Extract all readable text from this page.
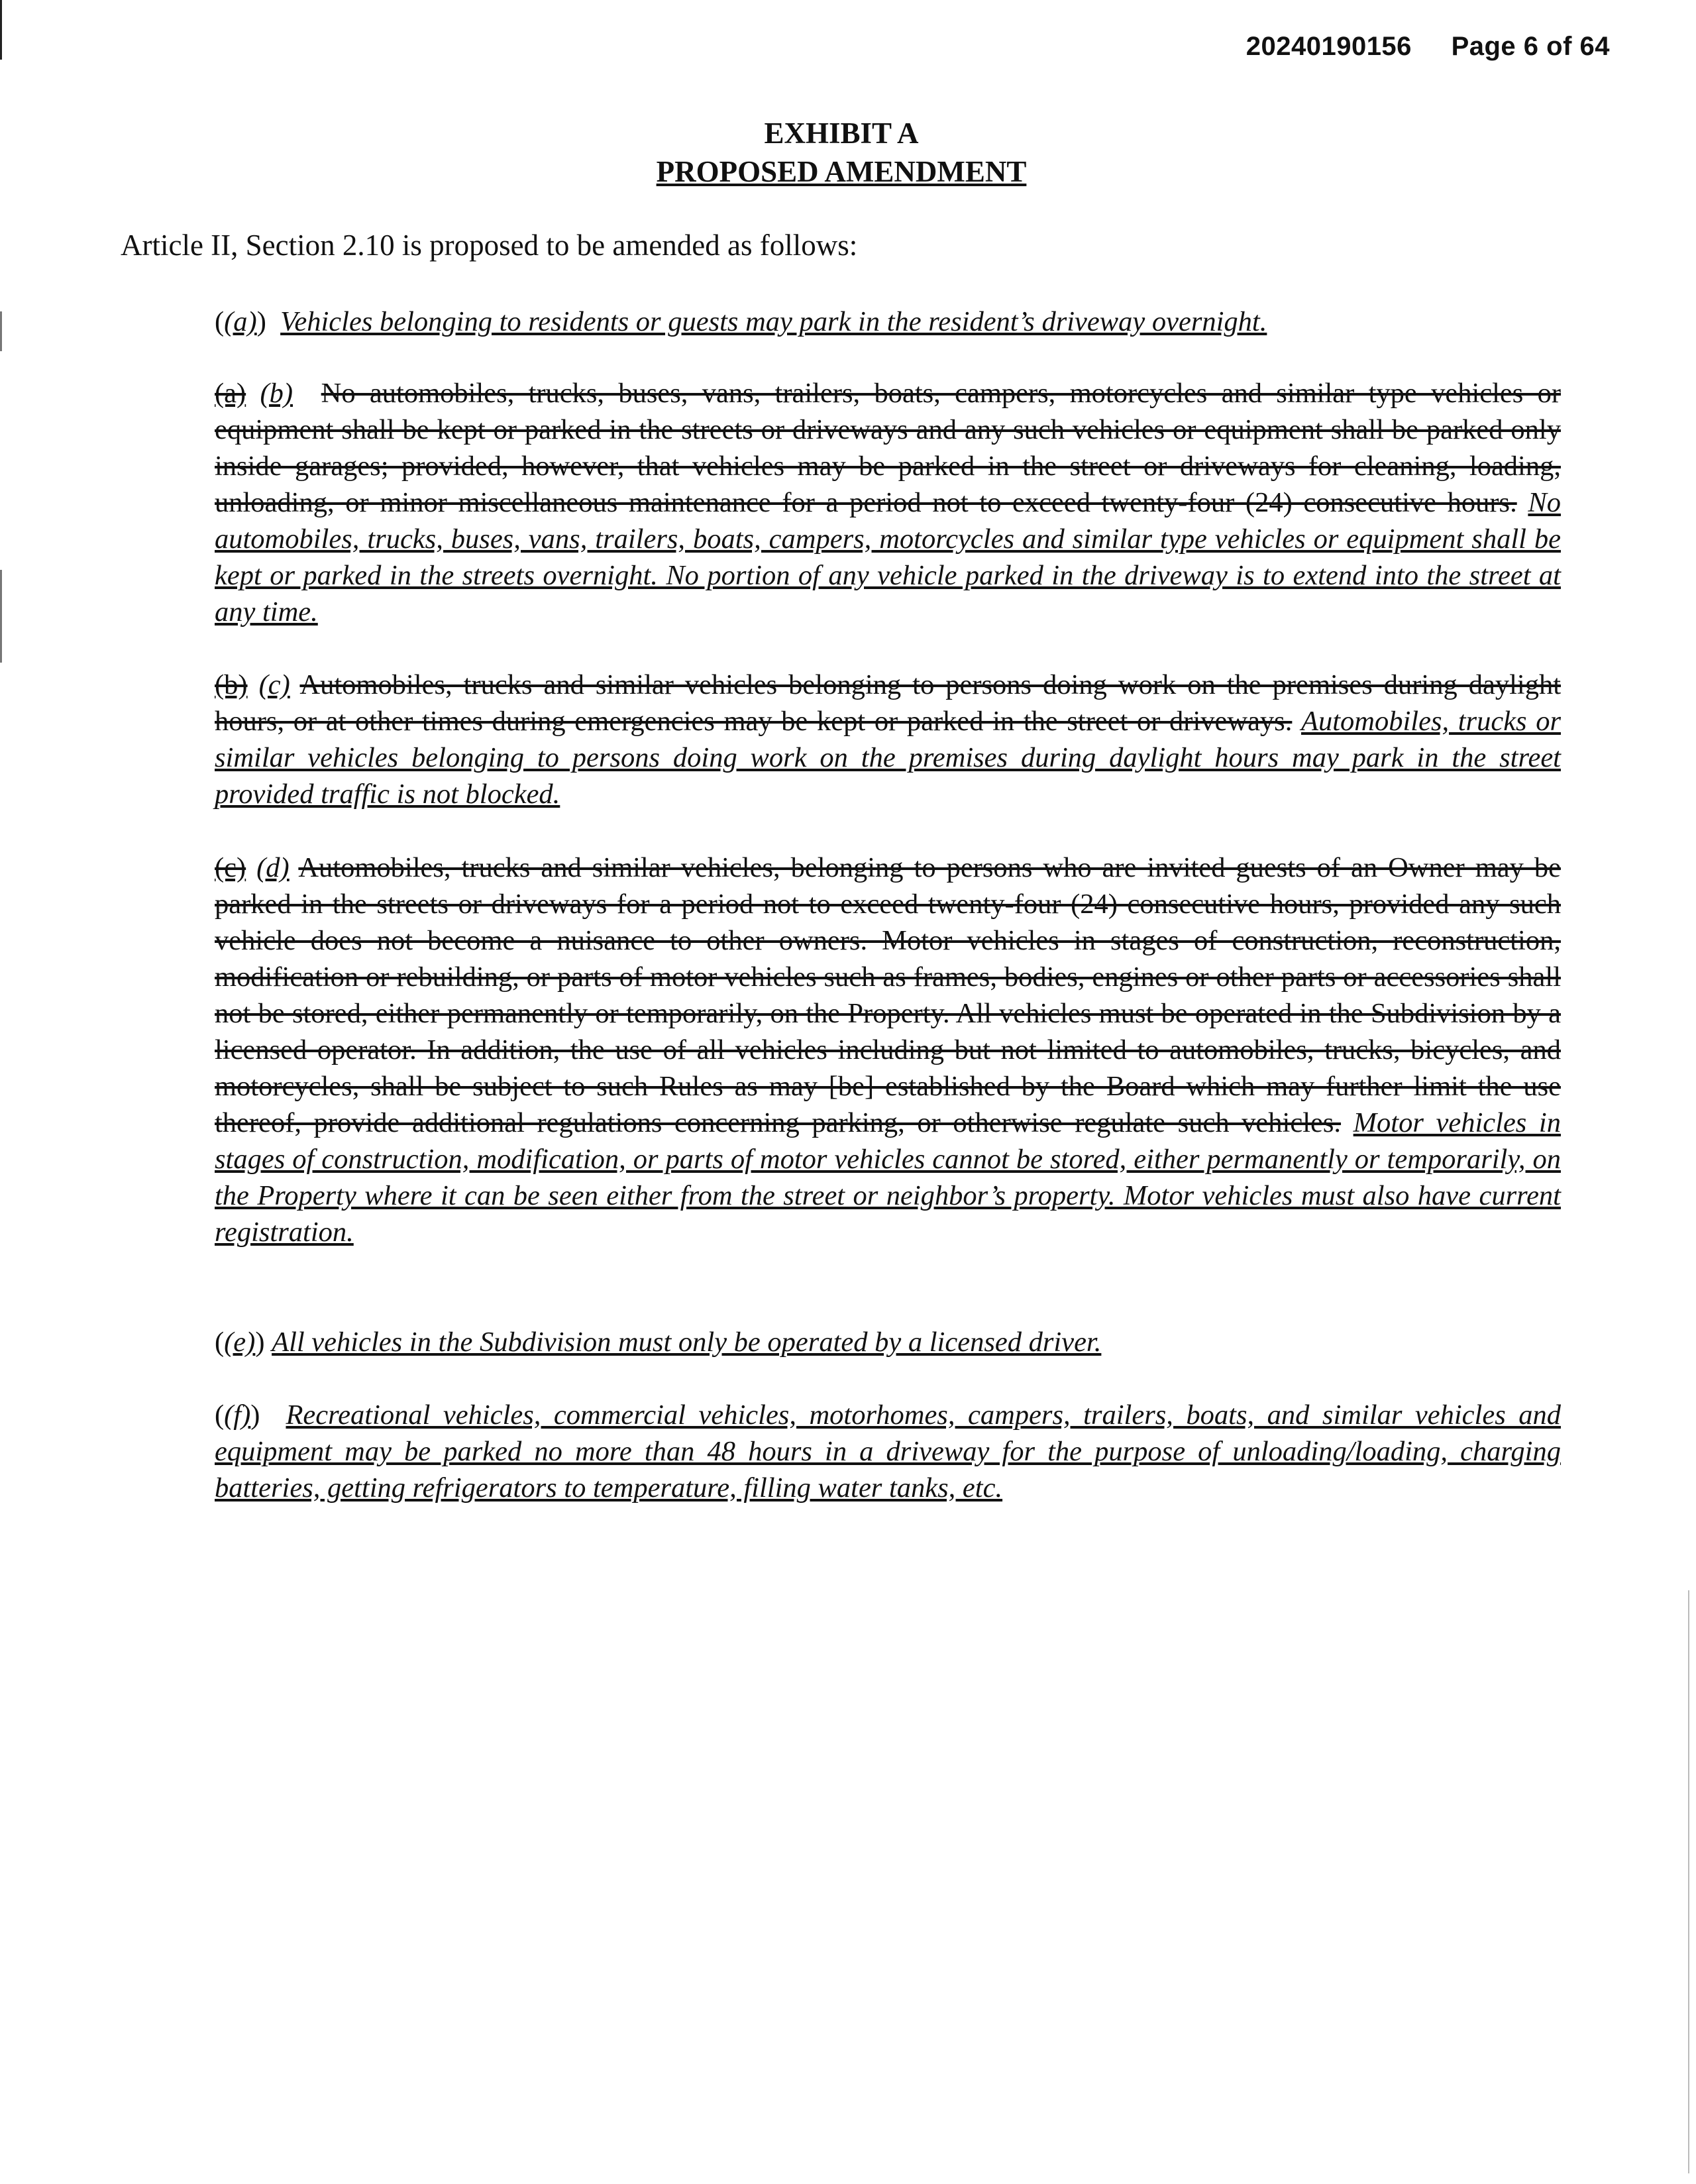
20240190156 Page 6 of 64
EXHIBIT A
PROPOSED AMENDMENT
Article II, Section 2.10 is proposed to be amended as follows:

((a))  Vehicles belonging to residents or guests may park in the resident’s driveway overnight.

(a) (b) No automobiles, trucks, buses, vans, trailers, boats, campers, motorcycles and similar type vehicles or equipment shall be kept or parked in the streets or driveways and any such vehicles or equipment shall be parked only inside garages; provided, however, that vehicles may be parked in the street or driveways for cleaning, loading, unloading, or minor miscellaneous maintenance for a period not to exceed twenty-four (24) consecutive hours. No automobiles, trucks, buses, vans, trailers, boats, campers, motorcycles and similar type vehicles or equipment shall be kept or parked in the streets overnight. No portion of any vehicle parked in the driveway is to extend into the street at any time.

(b) (c) Automobiles, trucks and similar vehicles belonging to persons doing work on the premises during daylight hours, or at other times during emergencies may be kept or parked in the street or driveways. Automobiles, trucks or similar vehicles belonging to persons doing work on the premises during daylight hours may park in the street provided traffic is not blocked.

(c) (d) Automobiles, trucks and similar vehicles, belonging to persons who are invited guests of an Owner may be parked in the streets or driveways for a period not to exceed twenty-four (24) consecutive hours, provided any such vehicle does not become a nuisance to other owners. Motor vehicles in stages of construction, reconstruction, modification or rebuilding, or parts of motor vehicles such as frames, bodies, engines or other parts or accessories shall not be stored, either permanently or temporarily, on the Property. All vehicles must be operated in the Subdivision by a licensed operator. In addition, the use of all vehicles including but not limited to automobiles, trucks, bicycles, and motorcycles, shall be subject to such Rules as may [be] established by the Board which may further limit the use thereof, provide additional regulations concerning parking, or otherwise regulate such vehicles. Motor vehicles in stages of construction, modification, or parts of motor vehicles cannot be stored, either permanently or temporarily, on the Property where it can be seen either from the street or neighbor’s property. Motor vehicles must also have current registration.

((e)) All vehicles in the Subdivision must only be operated by a licensed driver.

((f))  Recreational vehicles, commercial vehicles, motorhomes, campers, trailers, boats, and similar vehicles and equipment may be parked no more than 48 hours in a driveway for the purpose of unloading/loading, charging batteries, getting refrigerators to temperature, filling water tanks, etc.
